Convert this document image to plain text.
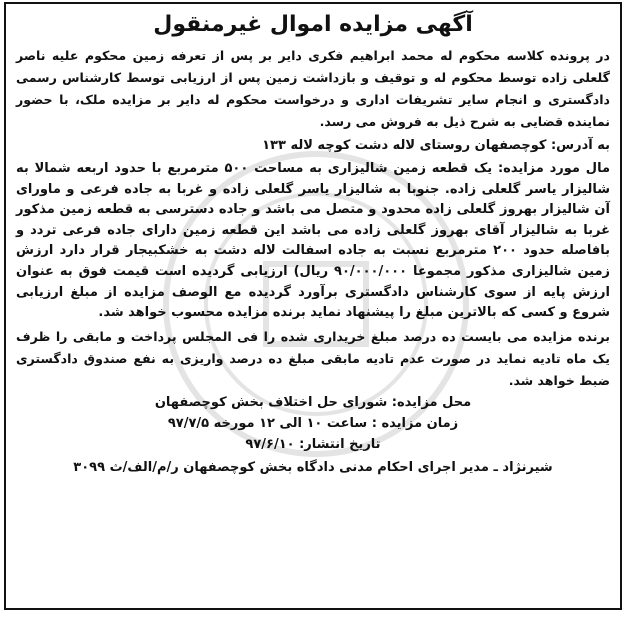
آگهی مزایده اموال غیرمنقول

در پرونده کلاسه محکوم له محمد ابراهیم فکری دایر بر پس از تعرفه زمین محکوم علیه ناصر گلعلی زاده توسط محکوم له و توقیف و بازداشت زمین پس از ارزیابی توسط کارشناس رسمی دادگستری و انجام سایر تشریفات اداری و درخواست محکوم له دایر بر مزایده ملک، با حضور نماینده قضایی به شرح ذیل به فروش می رسد.

به آدرس: کوچصفهان روستای لاله دشت کوچه لاله ۱۳۳

مال مورد مزایده: یک قطعه زمین شالیزاری به مساحت ۵۰۰ مترمربع با حدود اربعه شمالا به شالیزار یاسر گلعلی زاده. جنوبا به شالیزار یاسر گلعلی زاده و غربا به جاده فرعی و ماورای آن شالیزار بهروز گلعلی زاده محدود و متصل می باشد و جاده دسترسی به قطعه زمین مذکور غربا به شالیزار آقای بهروز گلعلی زاده می باشد این قطعه زمین دارای جاده فرعی تردد و بافاصله حدود ۲۰۰ مترمربع نسبت به جاده اسفالت لاله دشت به خشکبیجار قرار دارد ارزش زمین شالیزاری مذکور مجموعا ۹۰/۰۰۰/۰۰۰ ریال) ارزیابی گردیده است قیمت فوق به عنوان ارزش پایه از سوی کارشناس دادگستری برآورد گردیده مع الوصف مزایده از مبلغ ارزیابی شروع و کسی که بالاترین مبلغ را پیشنهاد نماید برنده مزایده محسوب خواهد شد.

برنده مزایده می بایست ده درصد مبلغ خریداری شده را فی المجلس پرداخت و مابقی را ظرف یک ماه تادیه نماید در صورت عدم تادیه مابقی مبلغ ده درصد واریزی به نفع صندوق دادگستری ضبط خواهد شد.

محل مزایده: شورای حل اختلاف بخش کوچصفهان
زمان مزایده : ساعت ۱۰ الی ۱۲ مورخه ۹۷/۷/۵
تاریخ انتشار: ۹۷/۶/۱۰
شیرنژاد ـ مدیر اجرای احکام مدنی دادگاه بخش کوچصفهان ر/م/الف/ث ۳۰۹۹
